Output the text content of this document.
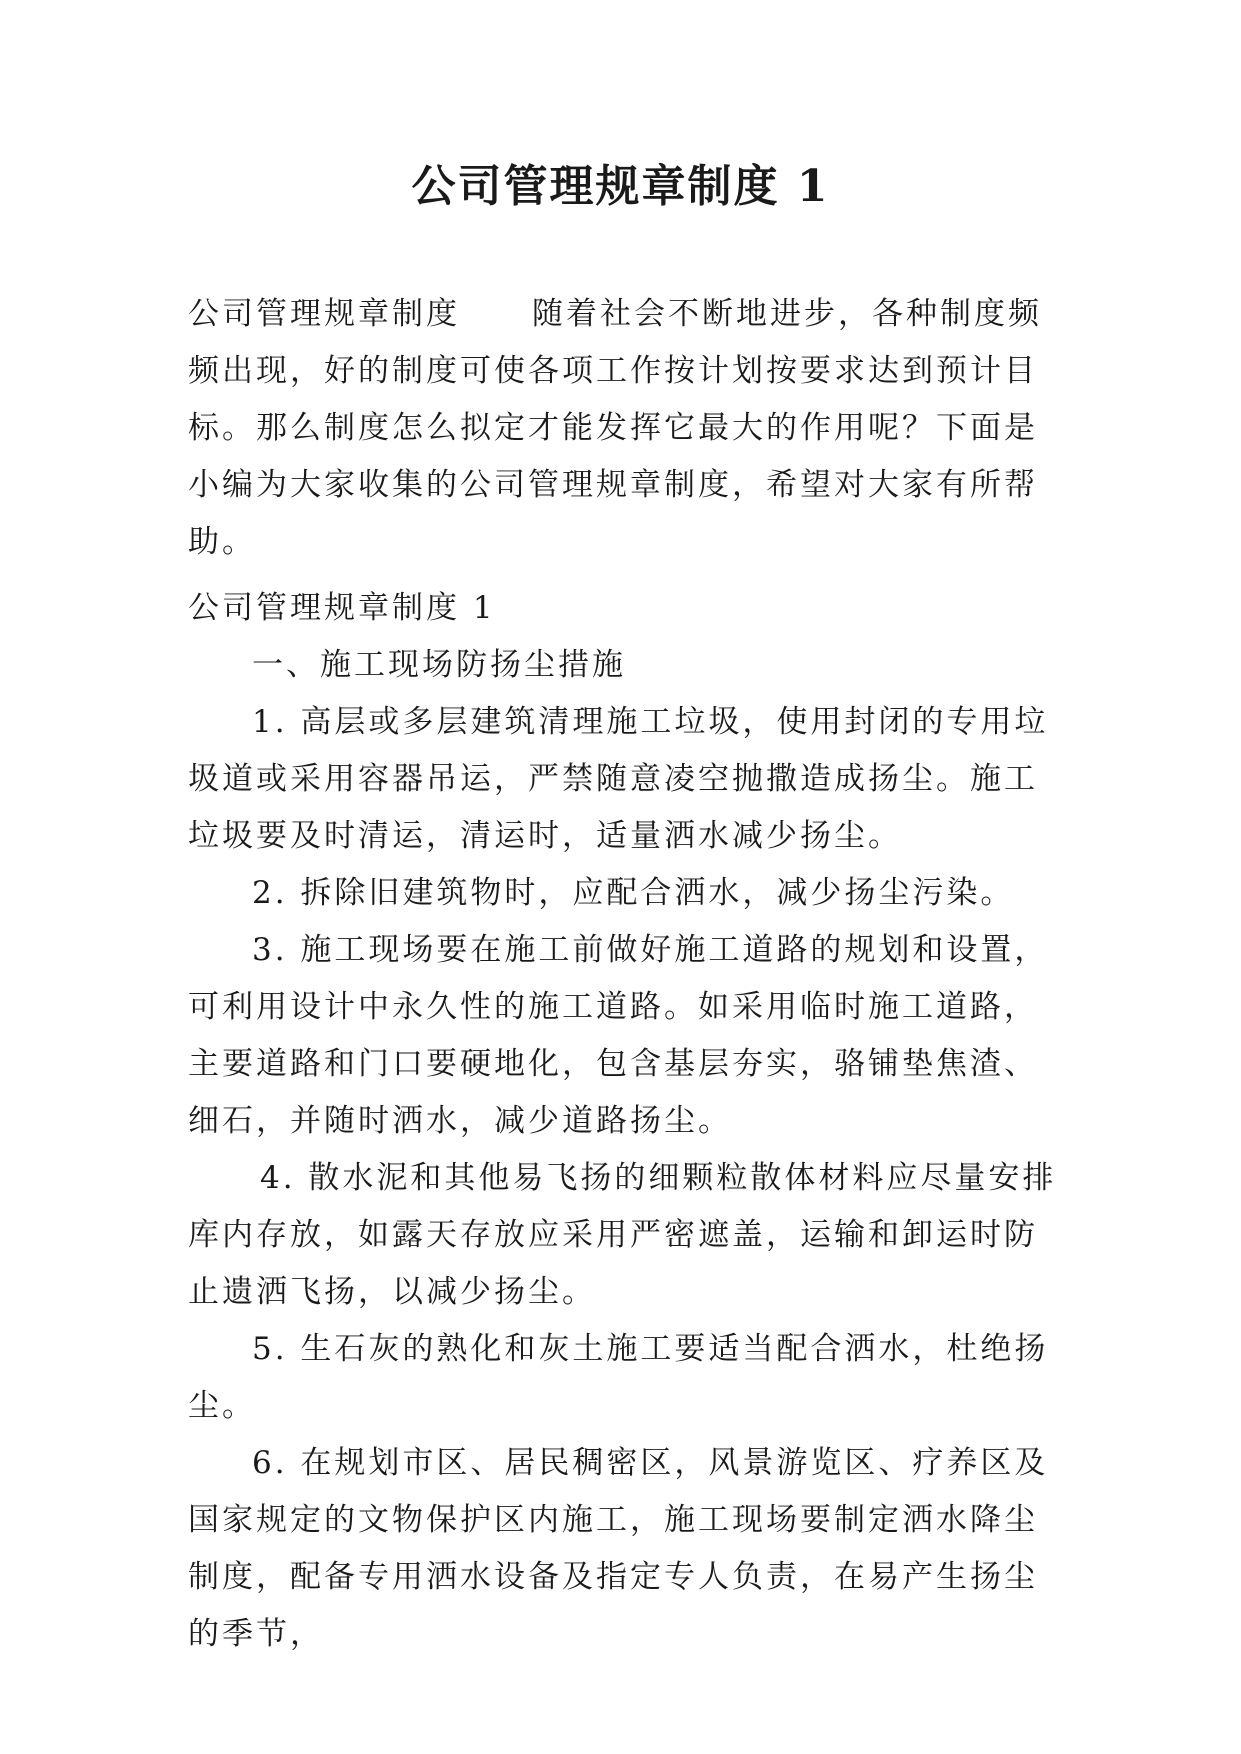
公司管理规章制度 1

公司管理规章制度 随着社会不断地进步，各种制度频频出现，好的制度可使各项工作按计划按要求达到预计目标。那么制度怎么拟定才能发挥它最大的作用呢？下面是小编为大家收集的公司管理规章制度，希望对大家有所帮助。

公司管理规章制度 1

一、施工现场防扬尘措施

1. 高层或多层建筑清理施工垃圾，使用封闭的专用垃圾道或采用容器吊运，严禁随意凌空抛撒造成扬尘。施工垃圾要及时清运，清运时，适量洒水减少扬尘。

2. 拆除旧建筑物时，应配合洒水，减少扬尘污染。

3. 施工现场要在施工前做好施工道路的规划和设置，可利用设计中永久性的施工道路。如采用临时施工道路，主要道路和门口要硬地化，包含基层夯实，骆铺垫焦渣、细石，并随时洒水，减少道路扬尘。

4. 散水泥和其他易飞扬的细颗粒散体材料应尽量安排库内存放，如露天存放应采用严密遮盖，运输和卸运时防止遗洒飞扬，以减少扬尘。

5. 生石灰的熟化和灰土施工要适当配合洒水，杜绝扬尘。

6. 在规划市区、居民稠密区，风景游览区、疗养区及国家规定的文物保护区内施工，施工现场要制定洒水降尘制度，配备专用洒水设备及指定专人负责，在易产生扬尘的季节，
